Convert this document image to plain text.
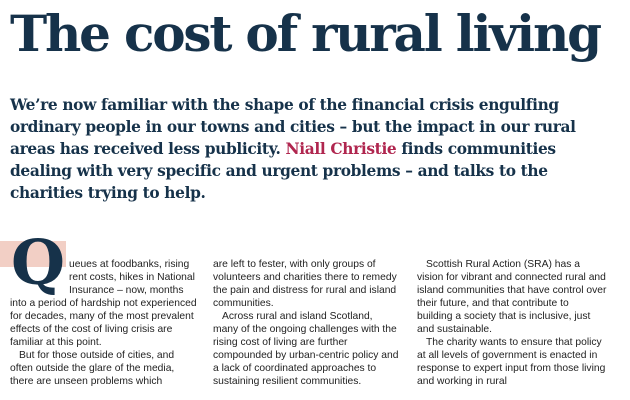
The cost of rural living

We’re now familiar with the shape of the financial crisis engulfing ordinary people in our towns and cities – but the impact in our rural areas has received less publicity. Niall Christie finds communities dealing with very specific and urgent problems – and talks to the charities trying to help.

Q ueues at foodbanks, rising rent costs, hikes in National Insurance – now, months into a period of hardship not experienced for decades, many of the most prevalent effects of the cost of living crisis are familiar at this point.

But for those outside of cities, and often outside the glare of the media, there are unseen problems which

are left to fester, with only groups of volunteers and charities there to remedy the pain and distress for rural and island communities.

Across rural and island Scotland, many of the ongoing challenges with the rising cost of living are further compounded by urban-centric policy and a lack of coordinated approaches to sustaining resilient communities.

Scottish Rural Action (SRA) has a vision for vibrant and connected rural and island communities that have control over their future, and that contribute to building a society that is inclusive, just and sustainable.

The charity wants to ensure that policy at all levels of government is enacted in response to expert input from those living and working in rural
